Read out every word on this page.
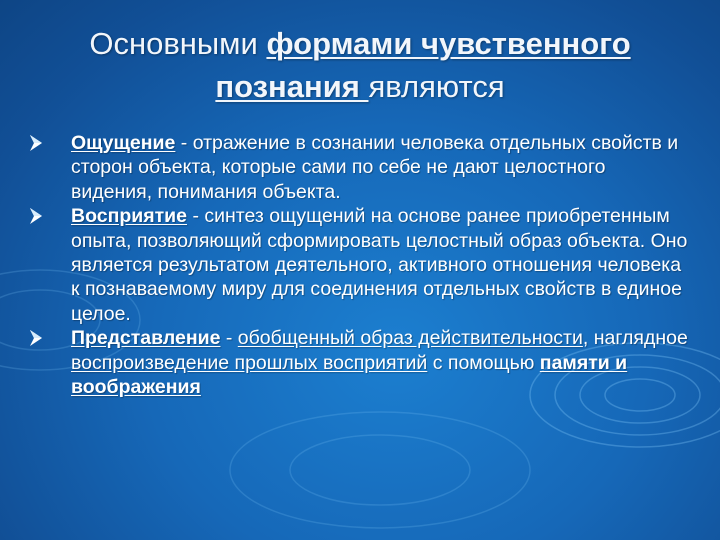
Основными формами чувственного познания являются
Ощущение - отражение в сознании человека отдельных свойств и сторон объекта, которые сами по себе не дают целостного видения, понимания объекта.
Восприятие - синтез ощущений на основе ранее приобретенным опыта, позволяющий сформировать целостный образ объекта. Оно является результатом деятельного, активного отношения человека к познаваемому миру для соединения отдельных свойств в единое целое.
Представление - обобщенный образ действительности, наглядное воспроизведение прошлых восприятий с помощью памяти и воображения
